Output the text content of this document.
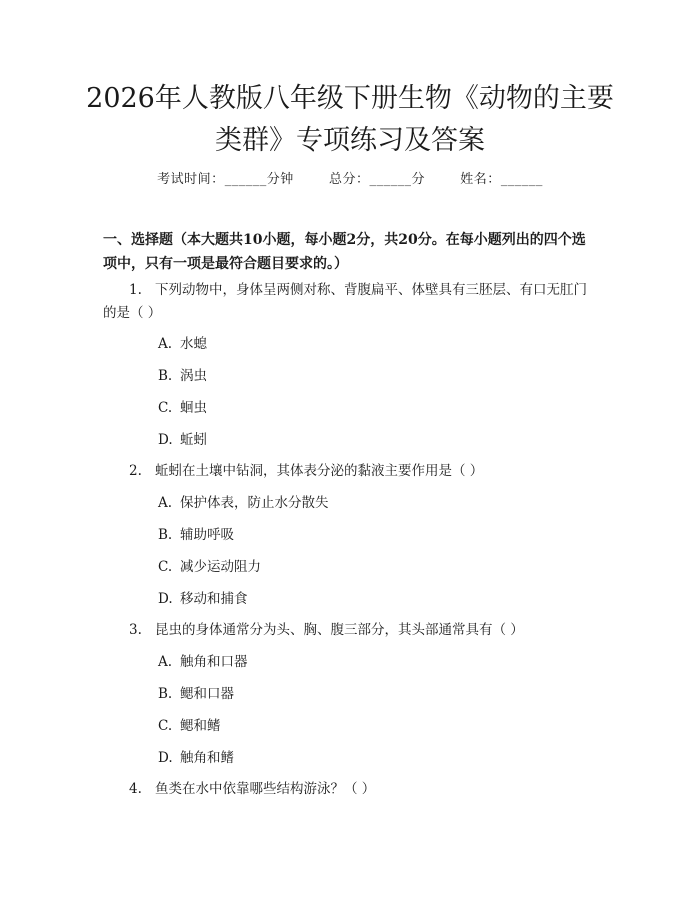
2026年人教版八年级下册生物《动物的主要
类群》专项练习及答案
考试时间：______分钟	总分：______分	姓名：______
一、选择题（本大题共10小题，每小题2分，共20分。在每小题列出的四个选
项中，只有一项是最符合题目要求的。）
1. 下列动物中，身体呈两侧对称、背腹扁平、体壁具有三胚层、有口无肛门
的是（ ）
A. 水螅
B. 涡虫
C. 蛔虫
D. 蚯蚓
2. 蚯蚓在土壤中钻洞，其体表分泌的黏液主要作用是（ ）
A. 保护体表，防止水分散失
B. 辅助呼吸
C. 减少运动阻力
D. 移动和捕食
3. 昆虫的身体通常分为头、胸、腹三部分，其头部通常具有（ ）
A. 触角和口器
B. 鳃和口器
C. 鳃和鳍
D. 触角和鳍
4. 鱼类在水中依靠哪些结构游泳？（ ）
